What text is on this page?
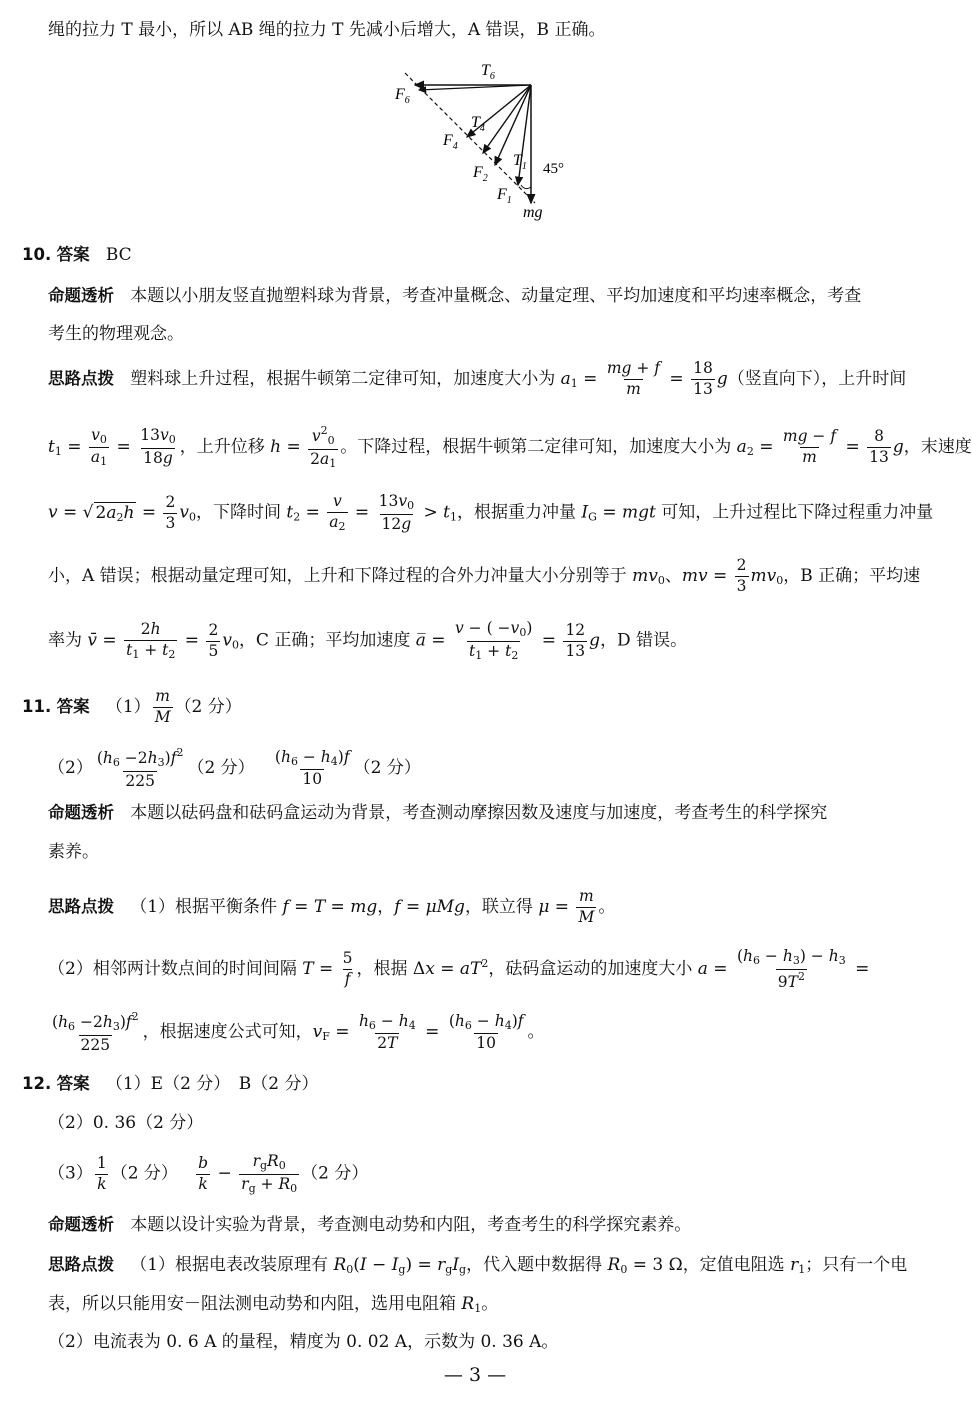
绳的拉力 T 最小，所以 AB 绳的拉力 T 先减小后增大，A 错误，B 正确。
$T_6$
$F_6$
$T_4$
$F_4$
$T_1$
$F_2$
$F_1$
45°
mg
10. 答案 BC
命题透析 本题以小朋友竖直抛塑料球为背景，考查冲量概念、动量定理、平均加速度和平均速率概念，考查
考生的物理观念。
思路点拨 塑料球上升过程，根据牛顿第二定律可知，加速度大小为 $a_1 = \frac{mg + f}{m} = \frac{18}{13} g$（竖直向下），上升时间
$t_1 = \frac{v_0}{a_1} = \frac{13v_0}{18g}$ ，上升位移 $h = \frac{v^2_0}{2a_1}$ 。下降过程，根据牛顿第二定律可知，加速度大小为 $a_2 = \frac{mg - f}{m} = \frac{8}{13}$ g，末速度
v = √ $2a_2h = \frac{2}{3} v_0$，下降时间 $t_2 = \frac{v}{a_2} = \frac{13v_0}{12g} > t_1$，根据重力冲量 $I_G$ = mgt 可知，上升过程比下降过程重力冲量
小，A 错误；根据动量定理可知，上升和下降过程的合外力冲量大小分别等于 $mv_0$、mv = $\frac{2}{3} mv_0$，B 正确；平均速
率为 v̄ = $\frac{2h}{t_1 + t_2} = \frac{2}{5} v_0$，C 正确；平均加速度 a̅ = $\frac{v - ( -v_0)}{t_1 + t_2} = \frac{12}{13}$ g，D 错误。
11. 答案 $(1) \frac{m}{M} (2$ 分）
$(2) \frac{(h_6 -2h_3)f^2}{225} (2$ 分） $\frac{(h_6 - h_4)f}{10} (2$ 分）
命题透析 本题以砝码盘和砝码盒运动为背景，考查测动摩擦因数及速度与加速度，考查考生的科学探究
素养。
思路点拨 （1）根据平衡条件 f = T = mg，f = μMg，联立得 $\mu = \frac{m}{M}$ 。
（2）相邻两计数点间的时间间隔 $T = \frac{5}{f}$ ，根据 $\Delta x = aT^2$，砝码盒运动的加速度大小 $a = \frac{(h_6 - h_3) - h_3}{9T^2}$ =
$\frac{(h_6 -2h_3)f^2}{225}$ ，根据速度公式可知，$v_F = \frac{h_6 - h_4}{2T} = \frac{(h_6 - h_4)f}{10}$ 。
12. 答案 （1）E（2 分）　B（2 分）
（2）0. 36（2 分）
$(3) \frac{1}{k} (2$ 分） $\frac{b}{k}$ −
$r_gR_0$
$r_g + R_0$
（2 分）
命题透析 本题以设计实验为背景，考查测电动势和内阻，考查考生的科学探究素养。
思路点拨 （1）根据电表改装原理有 $R_0(I - I_g) = r_gI_g$，代入题中数据得 $R_0 = 3$ Ω，定值电阻选 $r_1$；只有一个电
表，所以只能用安－阻法测电动势和内阻，选用电阻箱 $R_1$。
（2）电流表为 0. 6 A 的量程，精度为 0. 02 A，示数为 0. 36 A。
— 3 —
